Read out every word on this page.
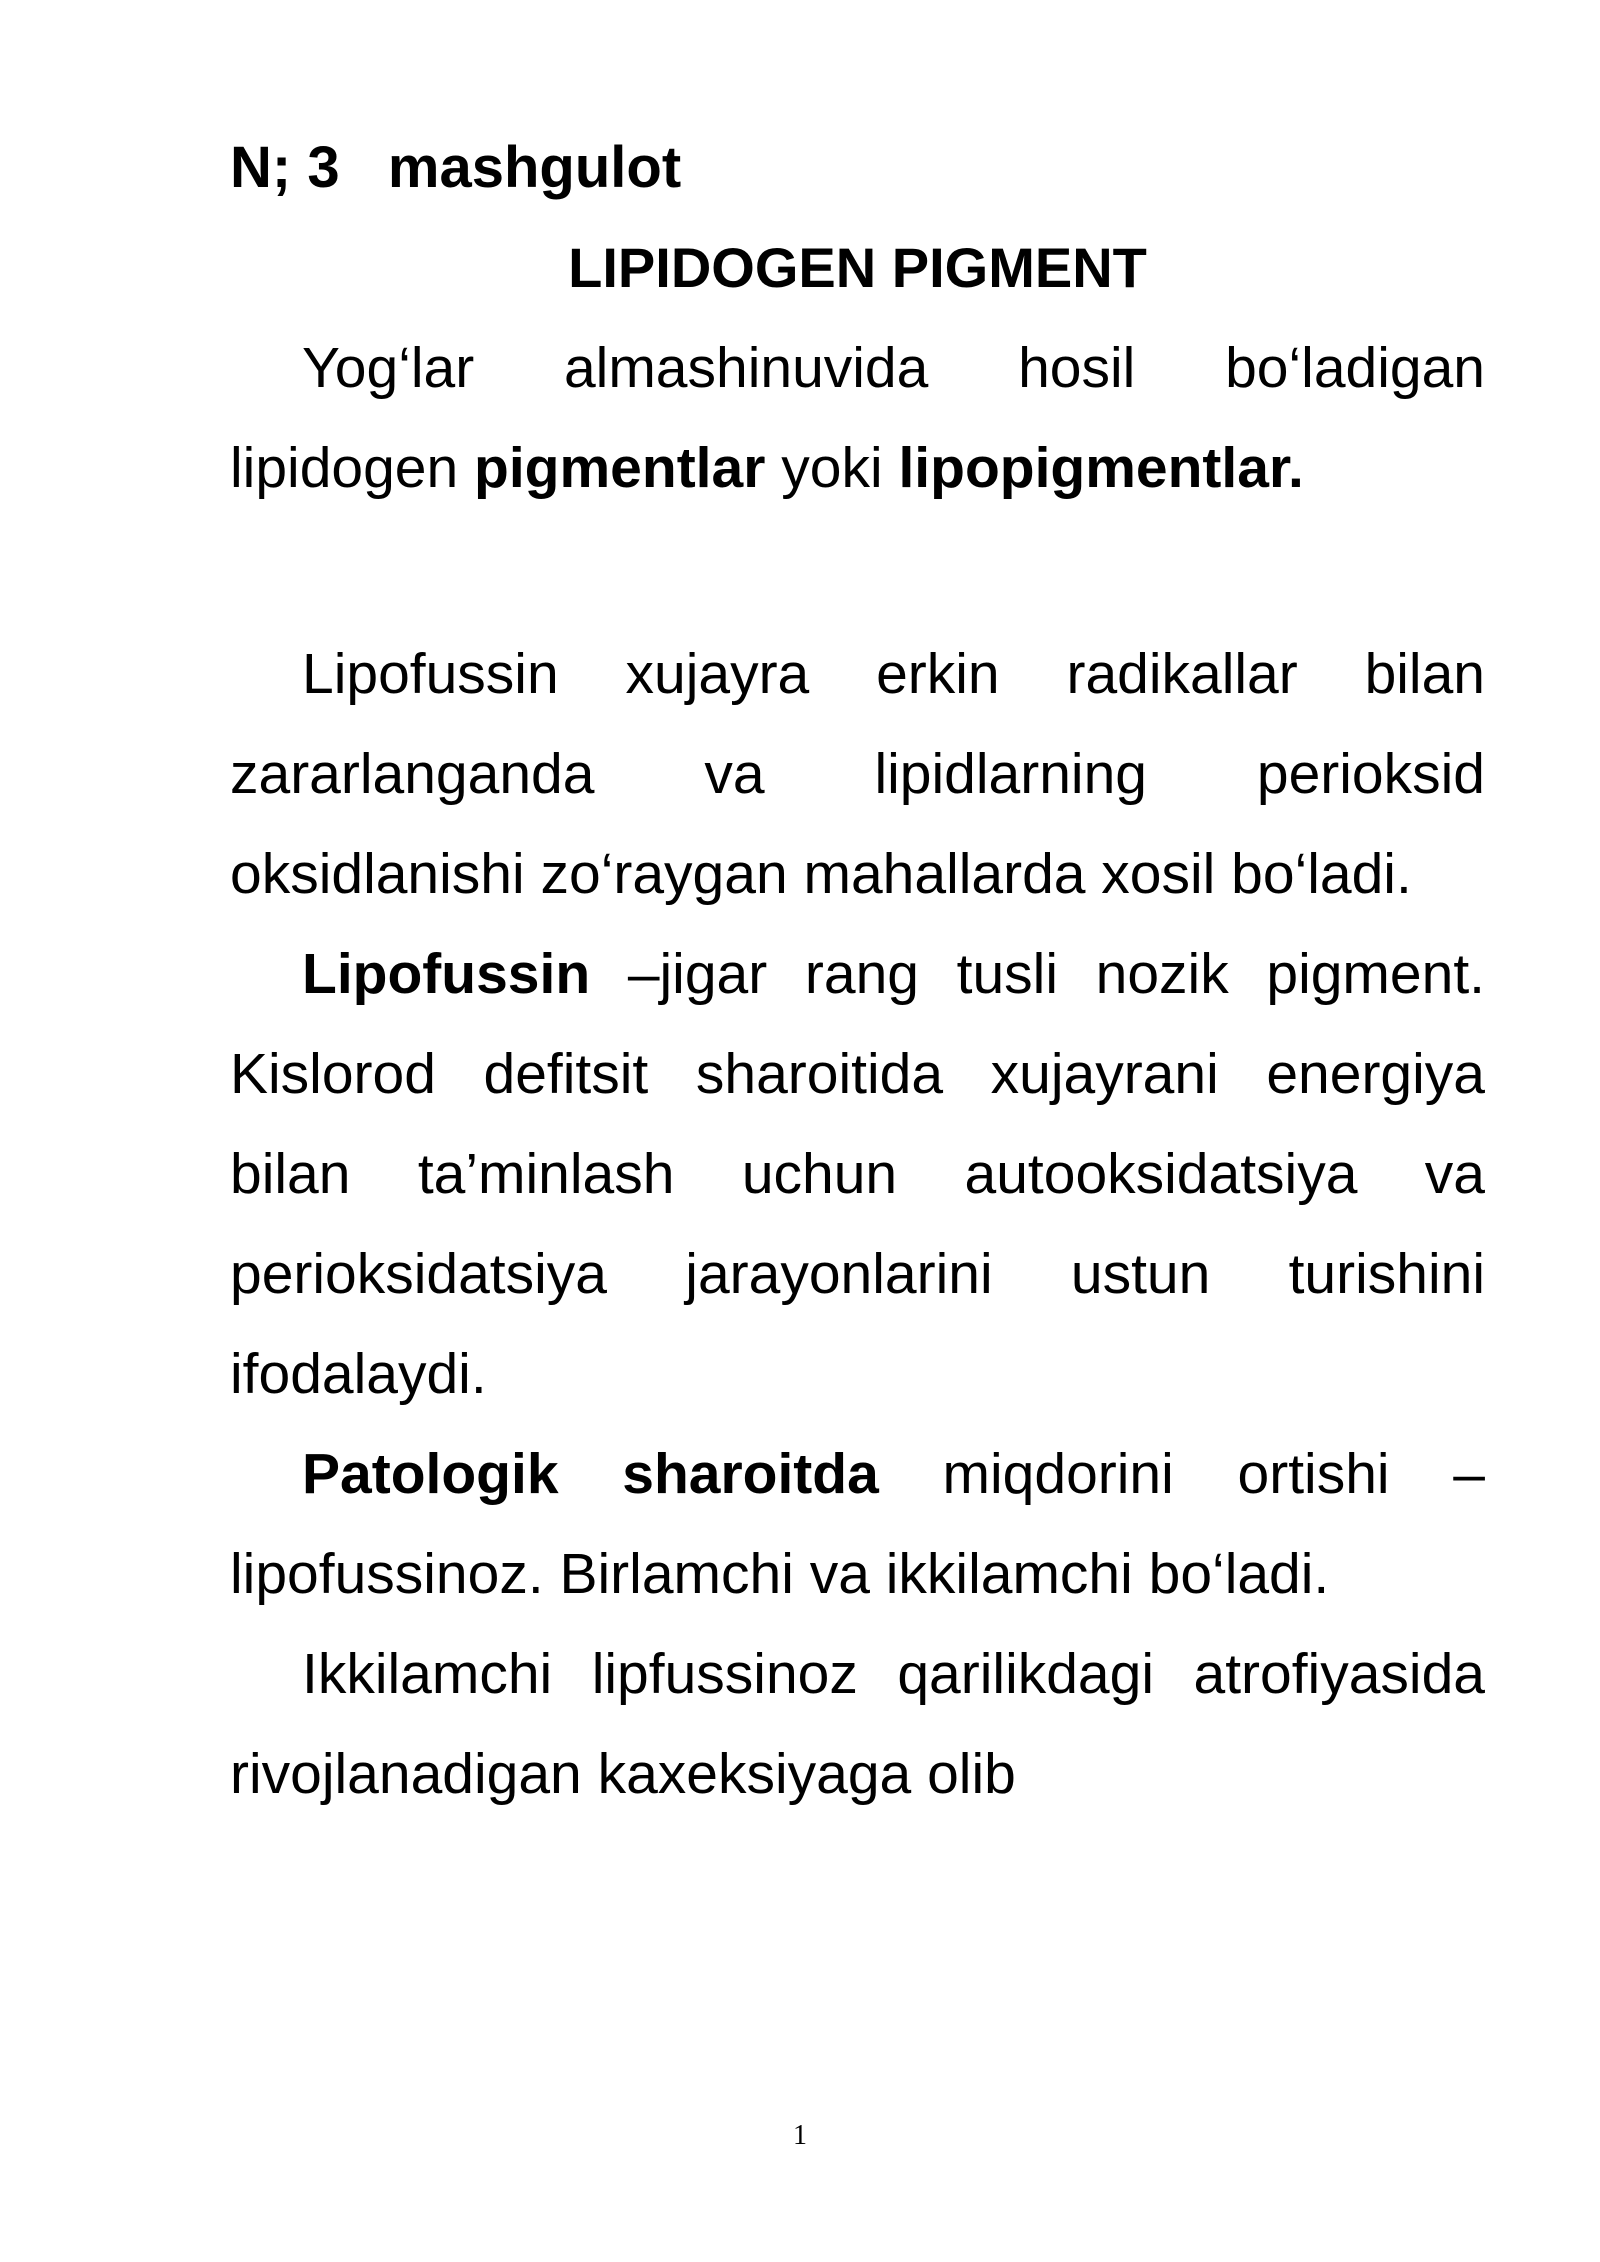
N; 3   mashgulot
LIPIDOGEN PIGMENT

Yog‘lar almashinuvida hosil bo‘ladigan lipidogen pigmentlar yoki lipopigmentlar.

Lipofussin xujayra erkin radikallar bilan zararlanganda va lipidlarning perioksid oksidlanishi zo‘raygan mahallarda xosil bo‘ladi.

Lipofussin –jigar rang tusli nozik pigment. Kislorod defitsit sharoitida xujayrani energiya bilan ta’minlash uchun autooksidatsiya va perioksidatsiya jarayonlarini ustun turishini ifodalaydi.

Patologik sharoitda miqdorini ortishi – lipofussinoz. Birlamchi va ikkilamchi bo‘ladi.

Ikkilamchi lipfussinoz qarilikdagi atrofiyasida rivojlanadigan kaxeksiyaga olib

1
